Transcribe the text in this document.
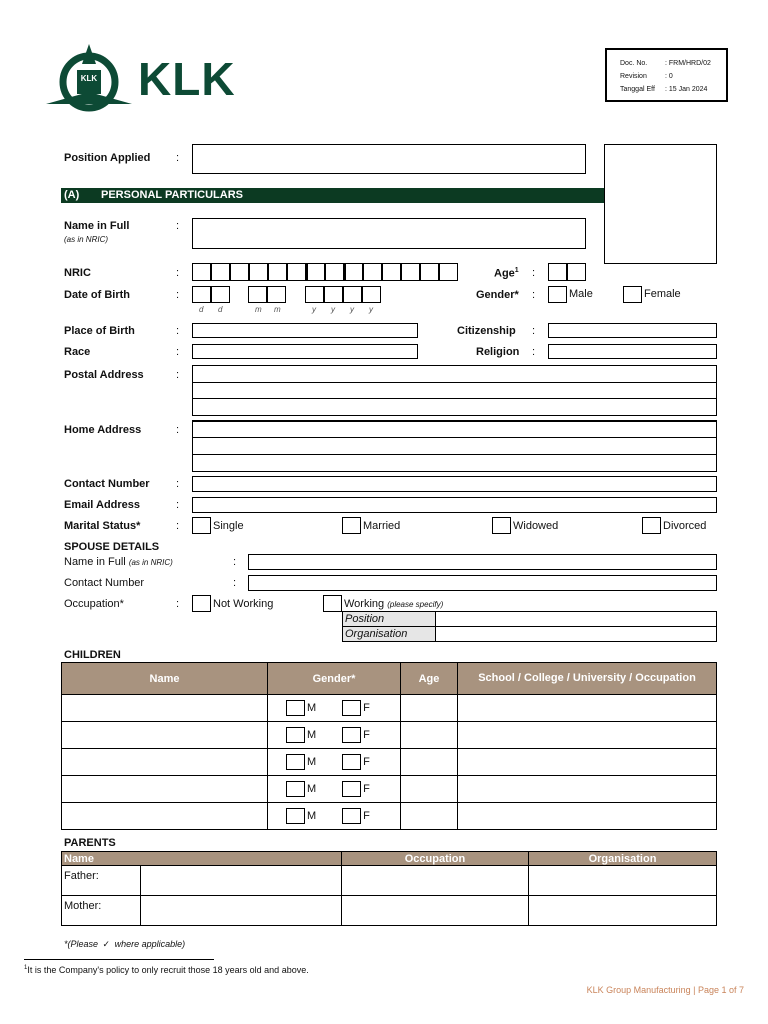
KLK KLK	Doc. No.	: FRM/HRD/02
Revision	: 0
Tanggal Eff : 15 Jan 2024
Position Applied :
(A) PERSONAL PARTICULARS
Name in Full
(as in NRIC)
:
NRIC	:	Age$^1$ :
Date of Birth	:
d d	m m	y y y y
Gender* :	Male	Female
Place of Birth	:	Citizenship :
Race	:	Religion :
Postal Address	:
Home Address	:
Contact Number :
Email Address	:
Marital Status*	:	Single	Married	Widowed	Divorced
SPOUSE DETAILS
Name in Full (as in NRIC)	:
Contact Number	:
Occupation*	:	Not Working	Working (please specify)
Position
Organisation
CHILDREN
Name	Gender*	Age	School / College / University / Occupation
	M F		
	M F		
	M F		
	M F		
	M F		
PARENTS
Name		Occupation	Organisation
Father:			
Mother:			
*(Please ✓ where applicable)
$^1$It is the Company's policy to only recruit those 18 years old and above.
KLK Group Manufacturing | Page 1 of 7
